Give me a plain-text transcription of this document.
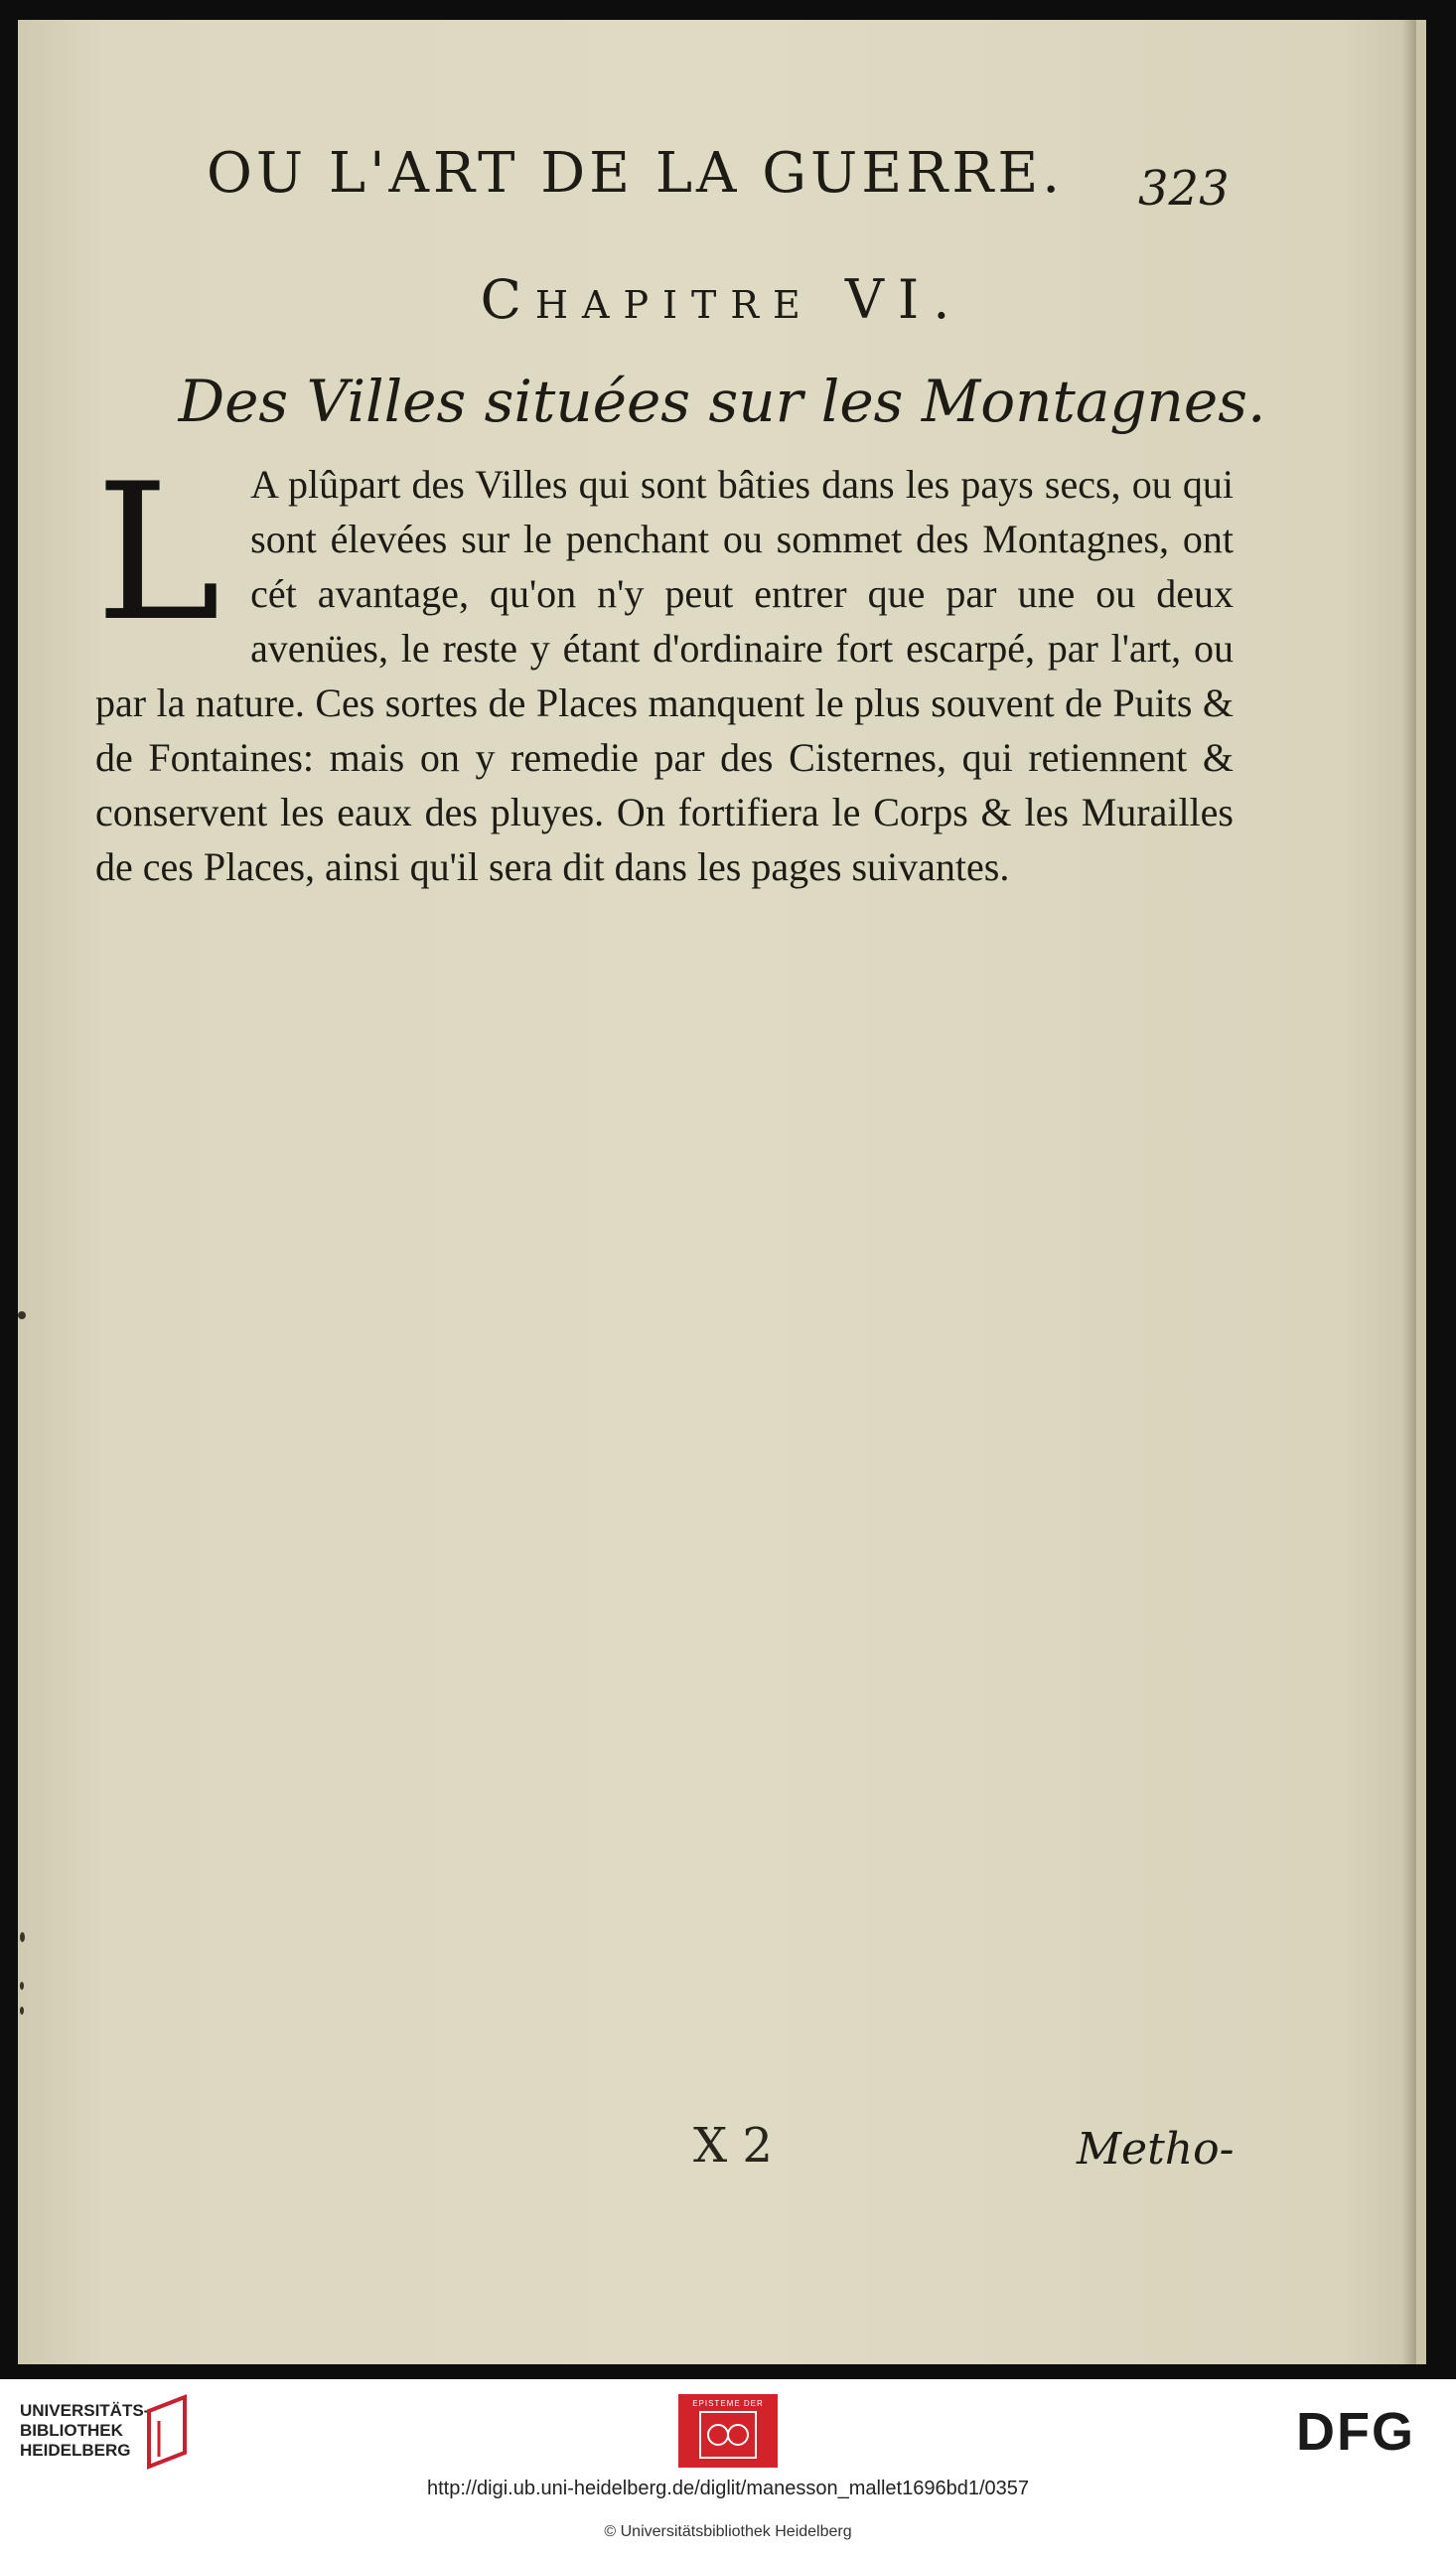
OU L'ART DE LA GUERRE. 323
Chapitre VI.
Des Villes situées sur les Montagnes.
L A plûpart des Villes qui sont bâties dans les pays secs, ou qui sont élevées sur le penchant ou sommet des Montagnes, ont cét avantage, qu'on n'y peut entrer que par une ou deux avenües, le reste y étant d'ordinaire fort escarpé, par l'art, ou par la nature. Ces sortes de Places manquent le plus souvent de Puits & de Fontaines: mais on y remedie par des Cisternes, qui retiennent & conservent les eaux des pluyes. On fortifiera le Corps & les Murailles de ces Places, ainsi qu'il sera dit dans les pages suivantes.
X 2	Metho-
UNIVERSITÄTS-
BIBLIOTHEK
HEIDELBERG
EPISTEME DER	DFG
http://digi.ub.uni-heidelberg.de/diglit/manesson_mallet1696bd1/0357
© Universitätsbibliothek Heidelberg
